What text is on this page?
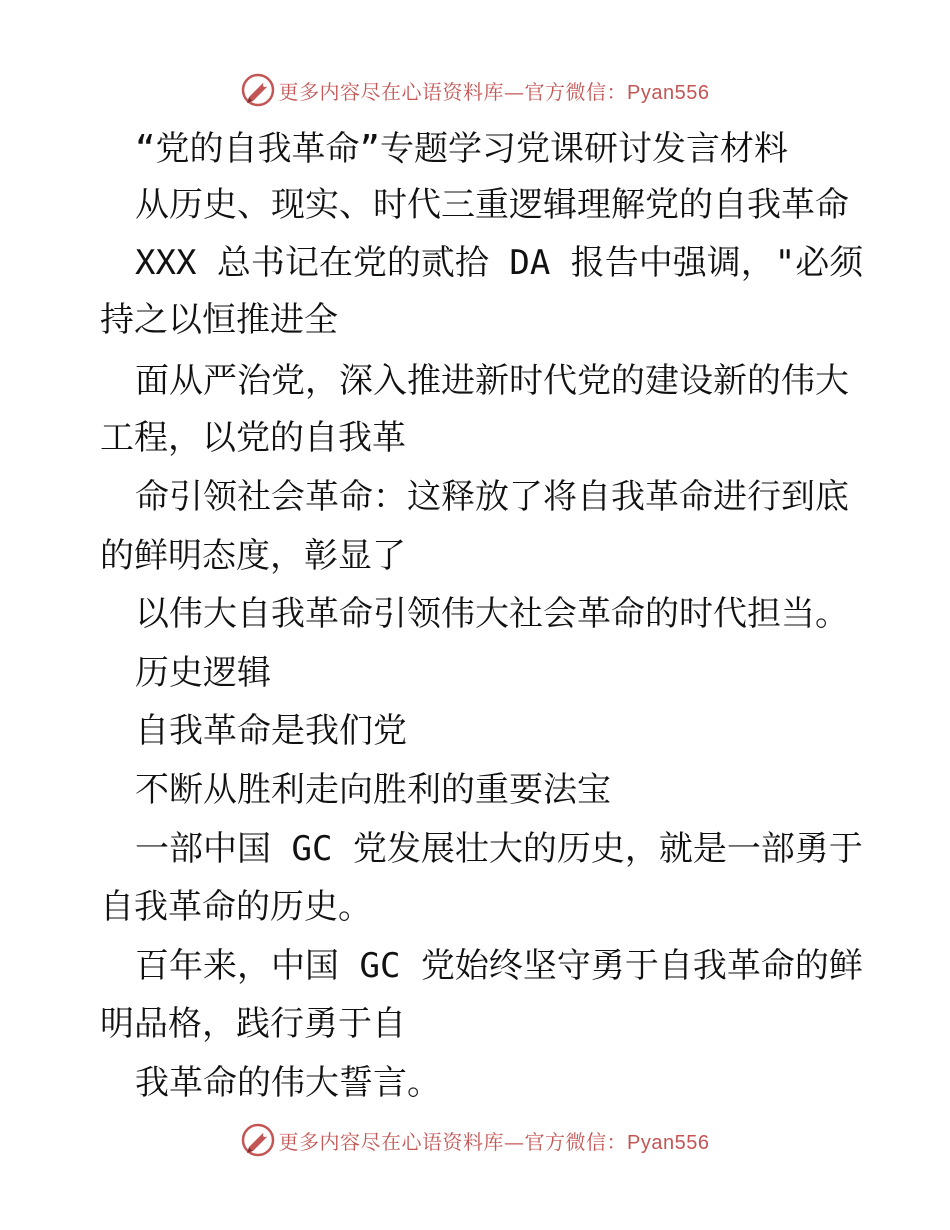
更多内容尽在心语资料库—官方微信：Pyan556
“党的自我革命”专题学习党课研讨发言材料
从历史、现实、时代三重逻辑理解党的自我革命
XXX 总书记在党的贰拾 DA 报告中强调，"必须
持之以恒推进全
面从严治党，深入推进新时代党的建设新的伟大
工程，以党的自我革
命引领社会革命：这释放了将自我革命进行到底
的鲜明态度，彰显了
以伟大自我革命引领伟大社会革命的时代担当。
历史逻辑
自我革命是我们党
不断从胜利走向胜利的重要法宝
一部中国 GC 党发展壮大的历史，就是一部勇于
自我革命的历史。
百年来，中国 GC 党始终坚守勇于自我革命的鲜
明品格，践行勇于自
我革命的伟大誓言。
更多内容尽在心语资料库—官方微信：Pyan556
